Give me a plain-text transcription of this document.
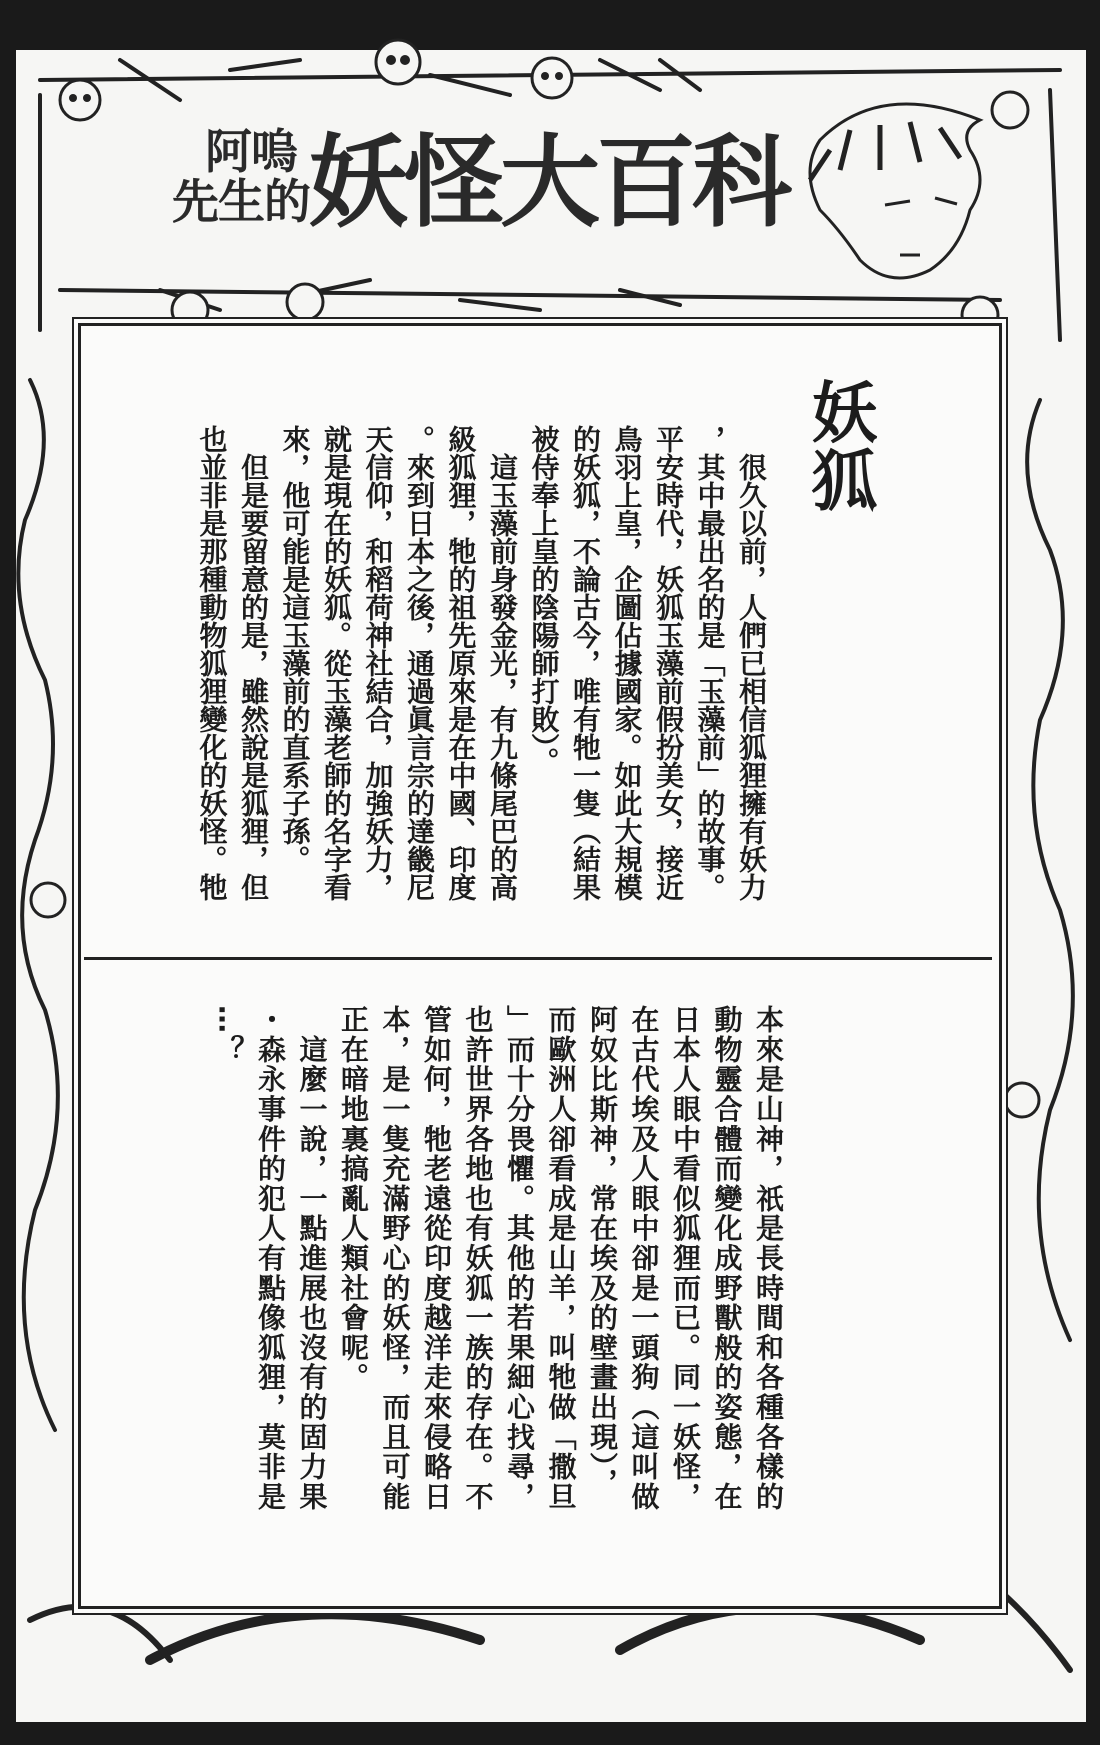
阿嗚
先生的
妖怪大百科
妖狐
　很久以前，人們已相信狐狸擁有妖力
，其中最出名的是「玉藻前」的故事。
平安時代，妖狐玉藻前假扮美女，接近
鳥羽上皇，企圖佔據國家。如此大規模
的妖狐，不論古今，唯有牠一隻（結果
被侍奉上皇的陰陽師打敗）。
　這玉藻前身發金光，有九條尾巴的高
級狐狸，牠的祖先原來是在中國、印度
。來到日本之後，通過眞言宗的達畿尼
天信仰，和稻荷神社結合，加強妖力，
就是現在的妖狐。從玉藻老師的名字看
來，他可能是這玉藻前的直系子孫。
　但是要留意的是，雖然說是狐狸，但
也並非是那種動物狐狸變化的妖怪。牠
本來是山神，祇是長時間和各種各樣的
動物靈合體而變化成野獸般的姿態，在
日本人眼中看似狐狸而已。同一妖怪，
在古代埃及人眼中卻是一頭狗（這叫做
阿奴比斯神，常在埃及的壁畫出現），
而歐洲人卻看成是山羊，叫牠做「撒旦
」而十分畏懼。其他的若果細心找尋，
也許世界各地也有妖狐一族的存在。不
管如何，牠老遠從印度越洋走來侵略日
本，是一隻充滿野心的妖怪，而且可能
正在暗地裏搞亂人類社會呢。
　這麼一說，一點進展也沒有的固力果
・森永事件的犯人有點像狐狸，莫非是
…？
